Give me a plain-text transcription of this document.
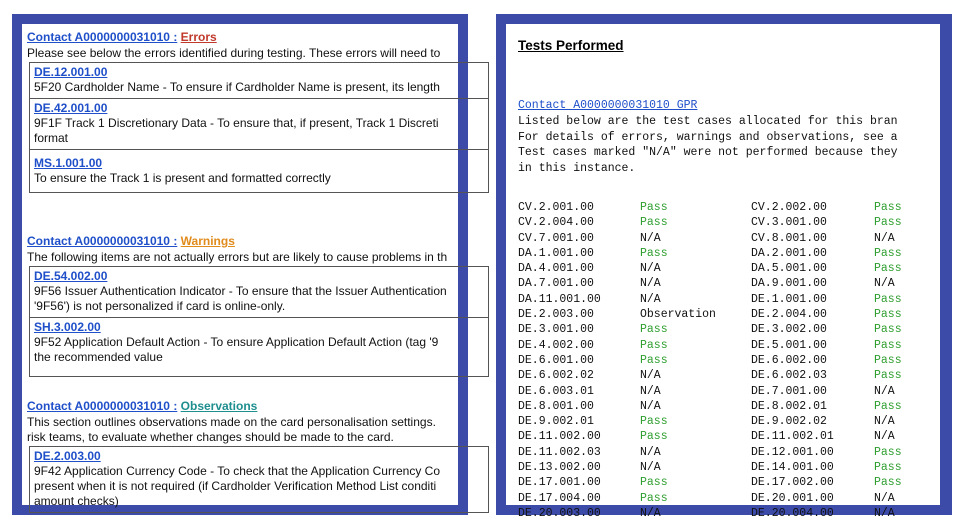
Contact A0000000031010 : Errors
Please see below the errors identified during testing. These errors will need to
DE.12.001.00
5F20 Cardholder Name - To ensure if Cardholder Name is present, its length
DE.42.001.00
9F1F Track 1 Discretionary Data - To ensure that, if present, Track 1 Discreti
format
MS.1.001.00
To ensure the Track 1 is present and formatted correctly
Contact A0000000031010 : Warnings
The following items are not actually errors but are likely to cause problems in th
DE.54.002.00
9F56 Issuer Authentication Indicator - To ensure that the Issuer Authentication
'9F56') is not personalized if card is online-only.
SH.3.002.00
9F52 Application Default Action - To ensure Application Default Action (tag '9
the recommended value
Contact A0000000031010 : Observations
This section outlines observations made on the card personalisation settings.
risk teams, to evaluate whether changes should be made to the card.
DE.2.003.00
9F42 Application Currency Code - To check that the Application Currency Co
present when it is not required (if Cardholder Verification Method List conditi
amount checks)
Tests Performed
Contact A0000000031010 GPR
Listed below are the test cases allocated for this bran
For details of errors, warnings and observations, see a
Test cases marked "N/A" were not performed because they
in this instance.
CV.2.001.00	Pass	CV.2.002.00	Pass
CV.2.004.00	Pass	CV.3.001.00	Pass
CV.7.001.00	N/A	CV.8.001.00	N/A
DA.1.001.00	Pass	DA.2.001.00	Pass
DA.4.001.00	N/A	DA.5.001.00	Pass
DA.7.001.00	N/A	DA.9.001.00	N/A
DA.11.001.00	N/A	DE.1.001.00	Pass
DE.2.003.00	Observation	DE.2.004.00	Pass
DE.3.001.00	Pass	DE.3.002.00	Pass
DE.4.002.00	Pass	DE.5.001.00	Pass
DE.6.001.00	Pass	DE.6.002.00	Pass
DE.6.002.02	N/A	DE.6.002.03	Pass
DE.6.003.01	N/A	DE.7.001.00	N/A
DE.8.001.00	N/A	DE.8.002.01	Pass
DE.9.002.01	Pass	DE.9.002.02	N/A
DE.11.002.00	Pass	DE.11.002.01	N/A
DE.11.002.03	N/A	DE.12.001.00	Pass
DE.13.002.00	N/A	DE.14.001.00	Pass
DE.17.001.00	Pass	DE.17.002.00	Pass
DE.17.004.00	Pass	DE.20.001.00	N/A
DE.20.003.00	N/A	DE.20.004.00	N/A
